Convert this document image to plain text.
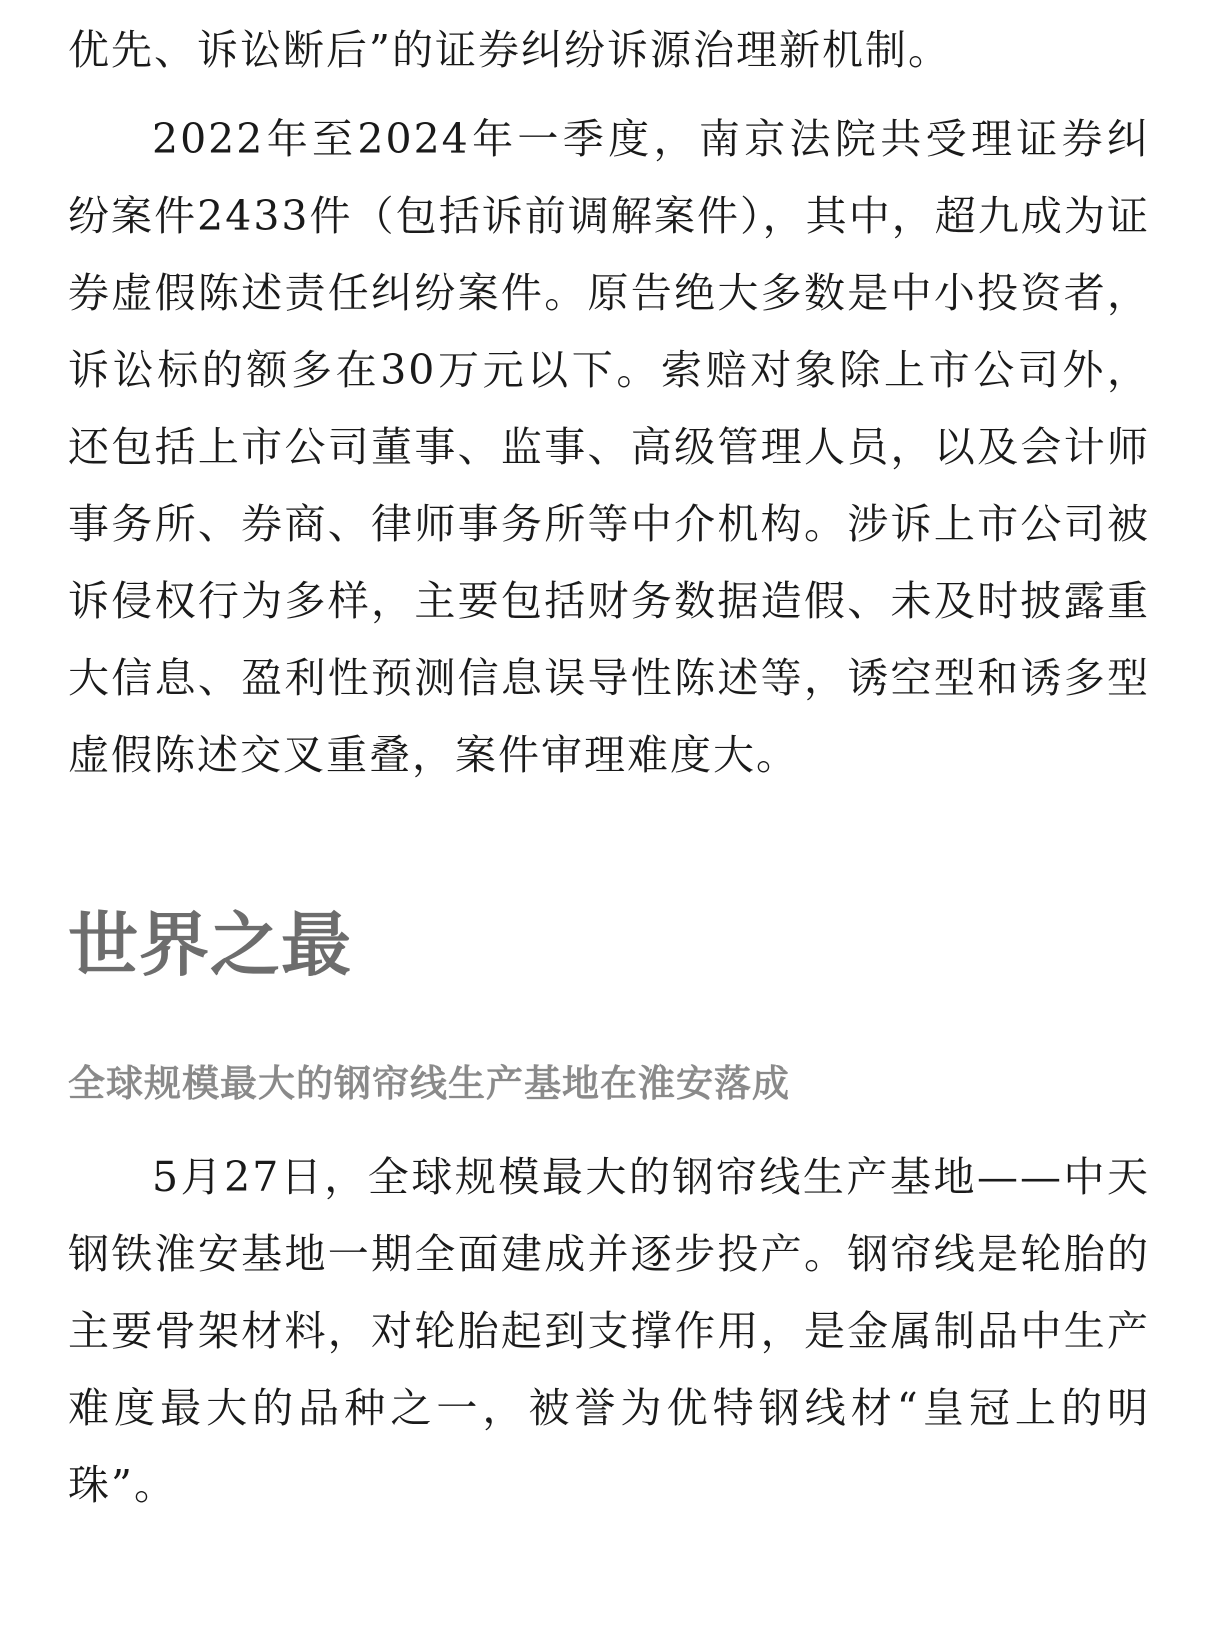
优先、诉讼断后”的证券纠纷诉源治理新机制。

2022年至2024年一季度，南京法院共受理证券纠纷案件2433件（包括诉前调解案件），其中，超九成为证券虚假陈述责任纠纷案件。原告绝大多数是中小投资者，诉讼标的额多在30万元以下。索赔对象除上市公司外，还包括上市公司董事、监事、高级管理人员，以及会计师事务所、券商、律师事务所等中介机构。涉诉上市公司被诉侵权行为多样，主要包括财务数据造假、未及时披露重大信息、盈利性预测信息误导性陈述等，诱空型和诱多型虚假陈述交叉重叠，案件审理难度大。

世界之最
全球规模最大的钢帘线生产基地在淮安落成

5月27日，全球规模最大的钢帘线生产基地——中天钢铁淮安基地一期全面建成并逐步投产。钢帘线是轮胎的主要骨架材料，对轮胎起到支撑作用，是金属制品中生产难度最大的品种之一，被誉为优特钢线材“皇冠上的明珠”。
